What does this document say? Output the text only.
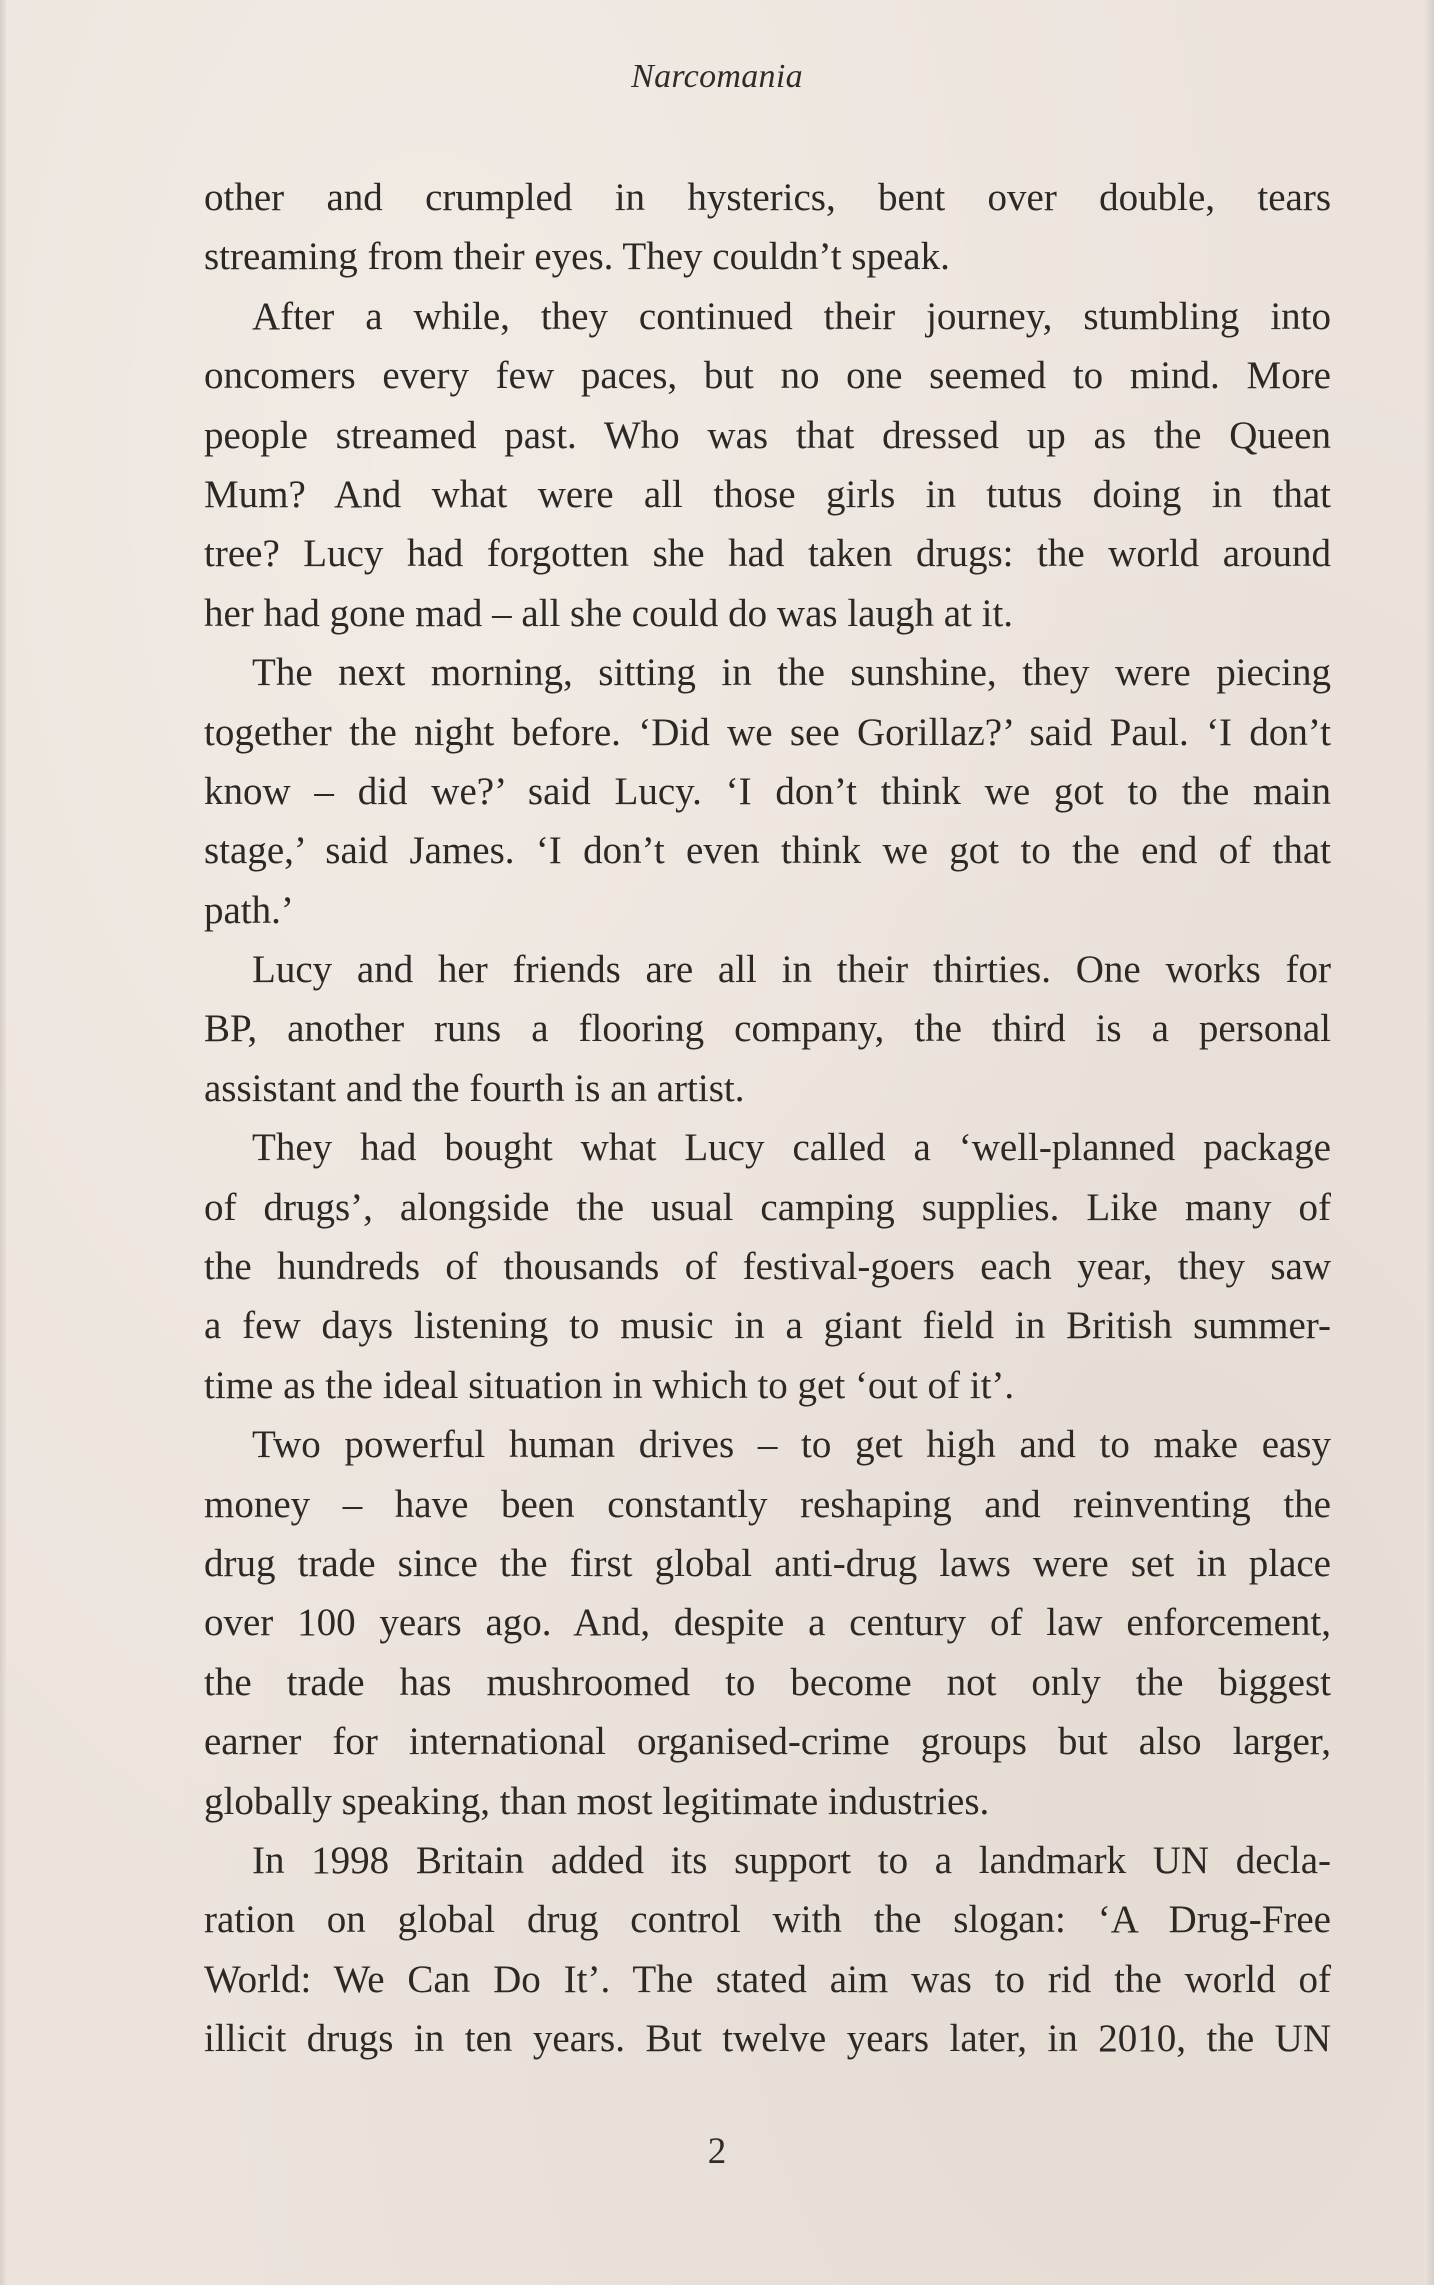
Narcomania
other and crumpled in hysterics, bent over double, tears
streaming from their eyes. They couldn’t speak.
After a while, they continued their journey, stumbling into
oncomers every few paces, but no one seemed to mind. More
people streamed past. Who was that dressed up as the Queen
Mum? And what were all those girls in tutus doing in that
tree? Lucy had forgotten she had taken drugs: the world around
her had gone mad – all she could do was laugh at it.
The next morning, sitting in the sunshine, they were piecing
together the night before. ‘Did we see Gorillaz?’ said Paul. ‘I don’t
know – did we?’ said Lucy. ‘I don’t think we got to the main
stage,’ said James. ‘I don’t even think we got to the end of that
path.’
Lucy and her friends are all in their thirties. One works for
BP, another runs a flooring company, the third is a personal
assistant and the fourth is an artist.
They had bought what Lucy called a ‘well-planned package
of drugs’, alongside the usual camping supplies. Like many of
the hundreds of thousands of festival-goers each year, they saw
a few days listening to music in a giant field in British summer-
time as the ideal situation in which to get ‘out of it’.
Two powerful human drives – to get high and to make easy
money – have been constantly reshaping and reinventing the
drug trade since the first global anti-drug laws were set in place
over 100 years ago. And, despite a century of law enforcement,
the trade has mushroomed to become not only the biggest
earner for international organised-crime groups but also larger,
globally speaking, than most legitimate industries.
In 1998 Britain added its support to a landmark UN decla-
ration on global drug control with the slogan: ‘A Drug-Free
World: We Can Do It’. The stated aim was to rid the world of
illicit drugs in ten years. But twelve years later, in 2010, the UN
2
